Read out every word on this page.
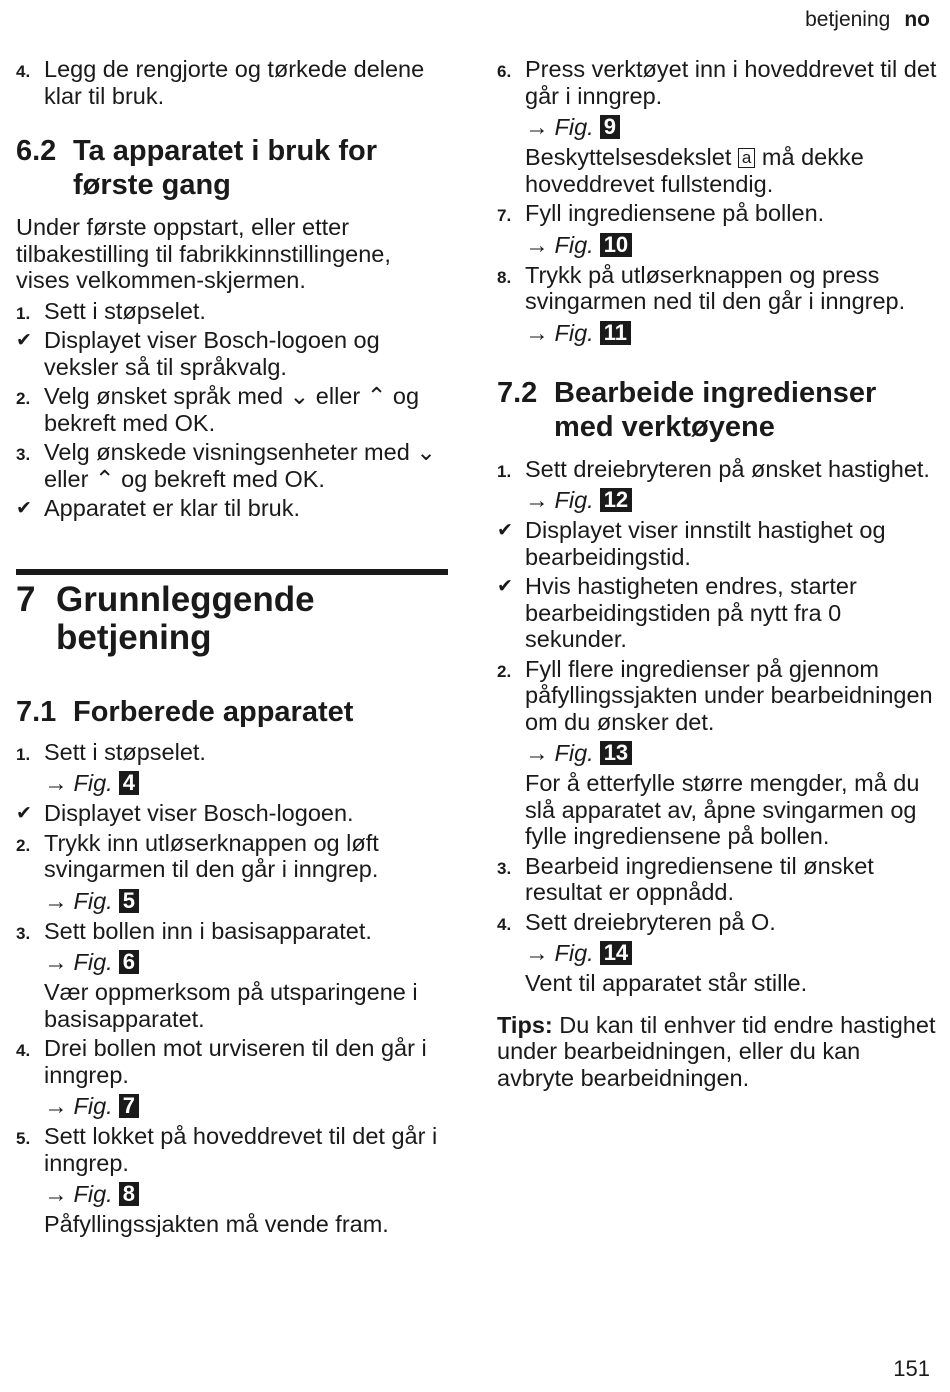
betjening no
4. Legg de rengjorte og tørkede delene klar til bruk.
6.2 Ta apparatet i bruk for første gang
Under første oppstart, eller etter tilbakestilling til fabrikkinnstillingene, vises velkommen-skjermen.
1. Sett i støpselet.
✔ Displayet viser Bosch-logoen og veksler så til språkvalg.
2. Velg ønsket språk med ⌄ eller ⌃ og bekreft med OK.
3. Velg ønskede visningsenheter med ⌄ eller ⌃ og bekreft med OK.
✔ Apparatet er klar til bruk.
7 Grunnleggende betjening
7.1 Forberede apparatet
1. Sett i støpselet.
→ Fig. 4
✔ Displayet viser Bosch-logoen.
2. Trykk inn utløserknappen og løft svingarmen til den går i inngrep.
→ Fig. 5
3. Sett bollen inn i basisapparatet.
→ Fig. 6
Vær oppmerksom på utsparingene i basisapparatet.
4. Drei bollen mot urviseren til den går i inngrep.
→ Fig. 7
5. Sett lokket på hoveddrevet til det går i inngrep.
→ Fig. 8
Påfyllingssjakten må vende fram.
6. Press verktøyet inn i hoveddrevet til det går i inngrep.
→ Fig. 9
Beskyttelsesdekslet a må dekke hoveddrevet fullstendig.
7. Fyll ingrediensene på bollen.
→ Fig. 10
8. Trykk på utløserknappen og press svingarmen ned til den går i inngrep.
→ Fig. 11
7.2 Bearbeide ingredienser med verktøyene
1. Sett dreiebryteren på ønsket hastighet.
→ Fig. 12
✔ Displayet viser innstilt hastighet og bearbeidingstid.
✔ Hvis hastigheten endres, starter bearbeidingstiden på nytt fra 0 sekunder.
2. Fyll flere ingredienser på gjennom påfyllingssjakten under bearbeidningen om du ønsker det.
→ Fig. 13
For å etterfylle større mengder, må du slå apparatet av, åpne svingarmen og fylle ingrediensene på bollen.
3. Bearbeid ingrediensene til ønsket resultat er oppnådd.
4. Sett dreiebryteren på O.
→ Fig. 14
Vent til apparatet står stille.
Tips: Du kan til enhver tid endre hastighet under bearbeidningen, eller du kan avbryte bearbeidningen.
151
